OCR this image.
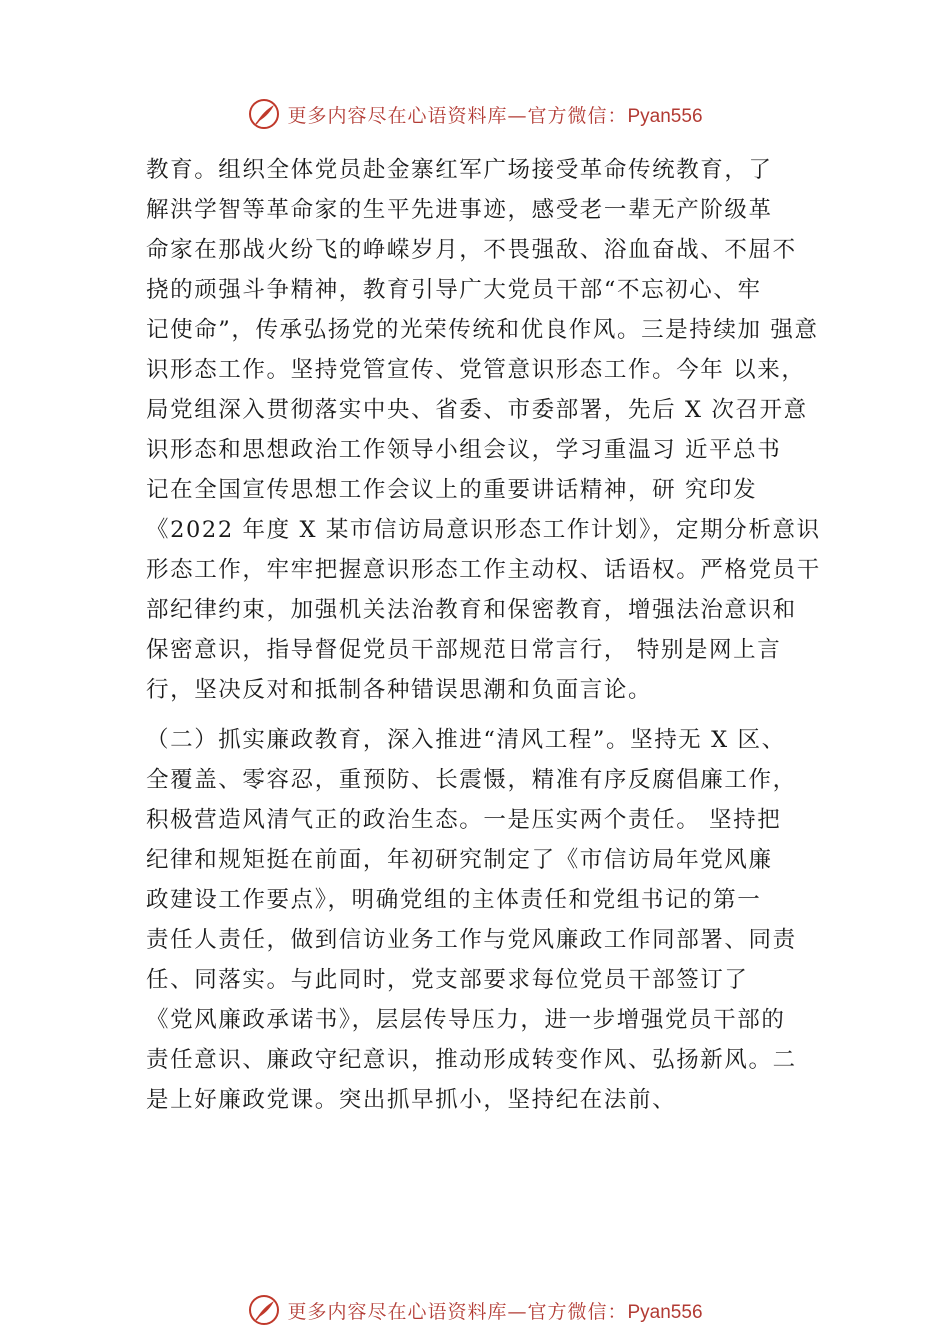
更多内容尽在心语资料库—官方微信：Pyan556
教育。组织全体党员赴金寨红军广场接受革命传统教育，了
解洪学智等革命家的生平先进事迹，感受老一辈无产阶级革
命家在那战火纷飞的峥嵘岁月，不畏强敌、浴血奋战、不屈不
挠的顽强斗争精神，教育引导广大党员干部“不忘初心、牢
记使命”，传承弘扬党的光荣传统和优良作风。三是持续加 强意
识形态工作。坚持党管宣传、党管意识形态工作。今年 以来，
局党组深入贯彻落实中央、省委、市委部署，先后 X 次召开意
识形态和思想政治工作领导小组会议，学习重温习 近平总书
记在全国宣传思想工作会议上的重要讲话精神，研 究印发
《2022 年度 X 某市信访局意识形态工作计划》，定期分析意识
形态工作，牢牢把握意识形态工作主动权、话语权。严格党员干
部纪律约束，加强机关法治教育和保密教育，增强法治意识和
保密意识，指导督促党员干部规范日常言行， 特别是网上言
行，坚决反对和抵制各种错误思潮和负面言论。
（二）抓实廉政教育，深入推进“清风工程”。坚持无 X 区、
全覆盖、零容忍，重预防、长震慑，精准有序反腐倡廉工作，
积极营造风清气正的政治生态。一是压实两个责任。 坚持把
纪律和规矩挺在前面，年初研究制定了《市信访局年党风廉
政建设工作要点》，明确党组的主体责任和党组书记的第一
责任人责任，做到信访业务工作与党风廉政工作同部署、同责
任、同落实。与此同时，党支部要求每位党员干部签订了
《党风廉政承诺书》，层层传导压力，进一步增强党员干部的
责任意识、廉政守纪意识，推动形成转变作风、弘扬新风。二
是上好廉政党课。突出抓早抓小，坚持纪在法前、
更多内容尽在心语资料库—官方微信：Pyan556
